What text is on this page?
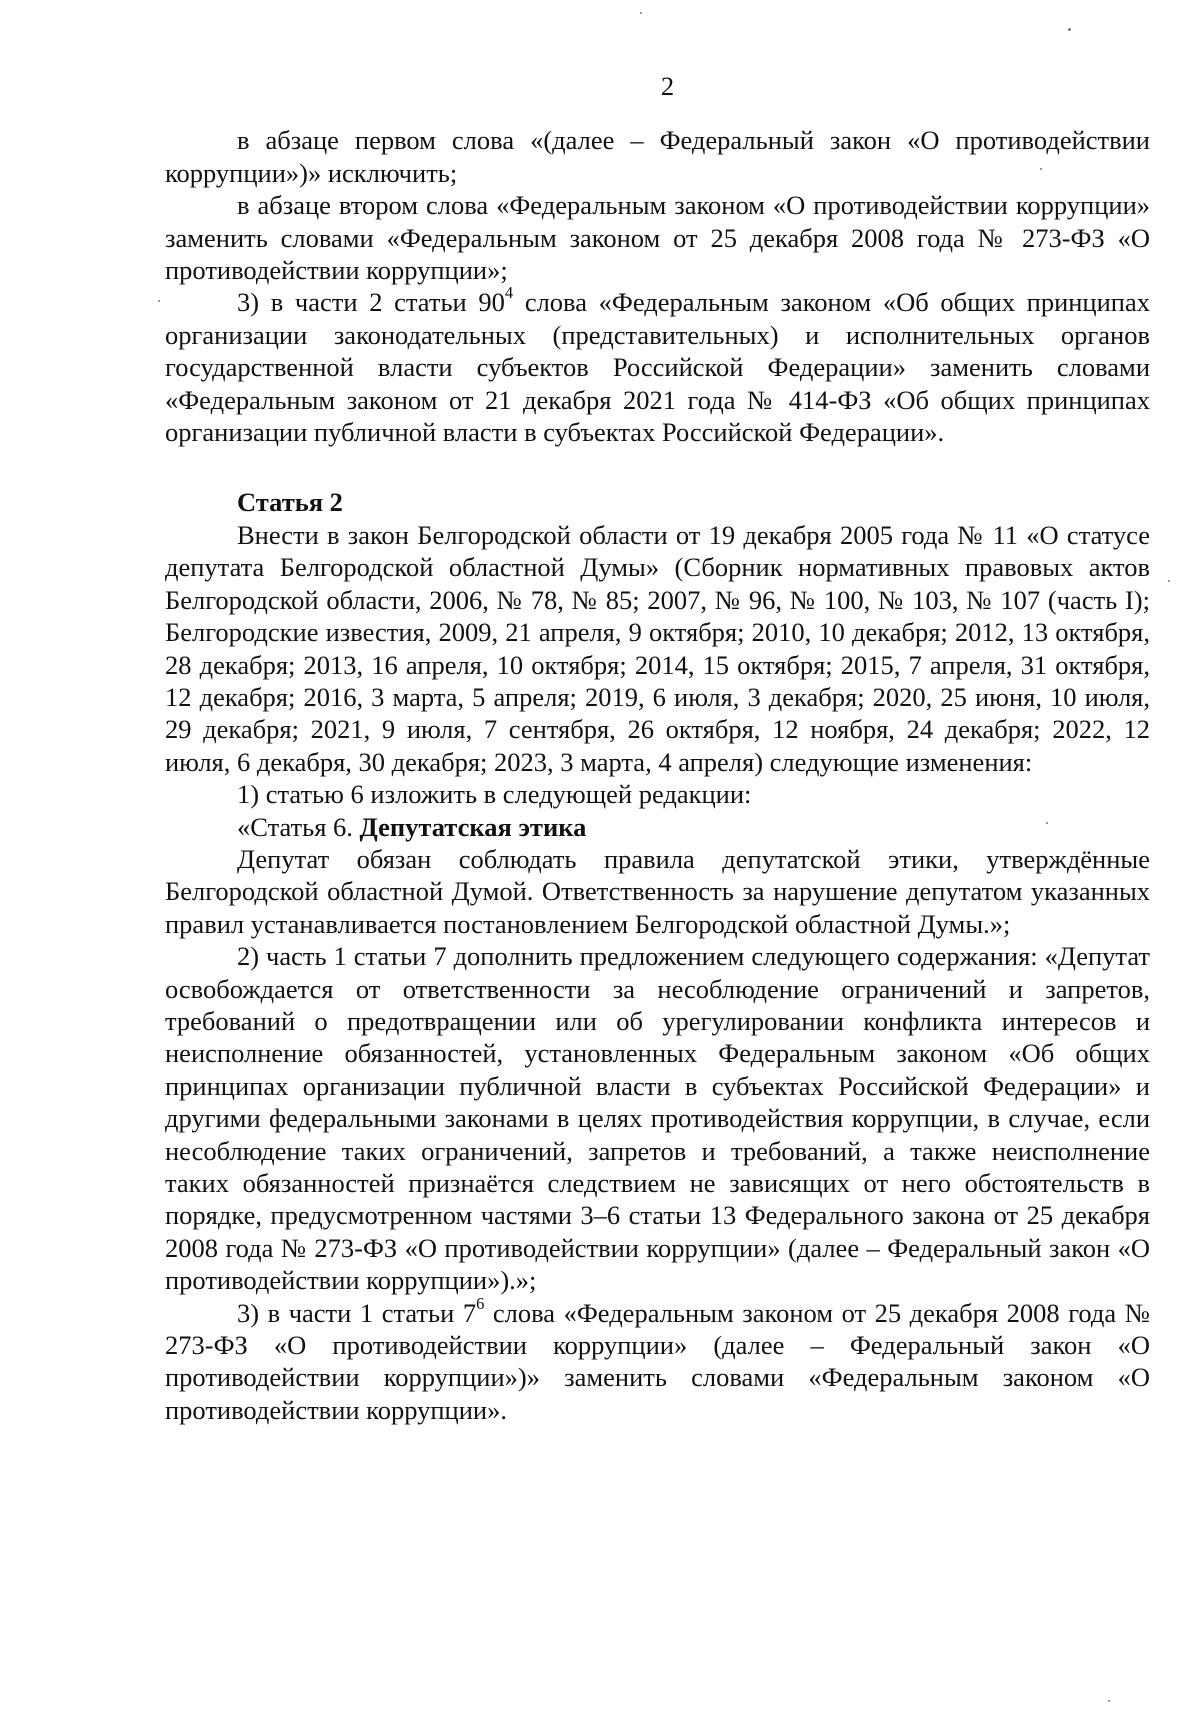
2

в абзаце первом слова «(далее – Федеральный закон «О противодействии коррупции»)» исключить;

в абзаце втором слова «Федеральным законом «О противодействии коррупции» заменить словами «Федеральным законом от 25 декабря 2008 года № 273-ФЗ «О противодействии коррупции»;

3) в части 2 статьи $90^4$ слова «Федеральным законом «Об общих принципах организации законодательных (представительных) и исполнительных органов государственной власти субъектов Российской Федерации» заменить словами «Федеральным законом от 21 декабря 2021 года № 414-ФЗ «Об общих принципах организации публичной власти в субъектах Российской Федерации».

Статья 2

Внести в закон Белгородской области от 19 декабря 2005 года № 11 «О статусе депутата Белгородской областной Думы» (Сборник нормативных правовых актов Белгородской области, 2006, № 78, № 85; 2007, № 96, № 100, № 103, № 107 (часть I); Белгородские известия, 2009, 21 апреля, 9 октября; 2010, 10 декабря; 2012, 13 октября, 28 декабря; 2013, 16 апреля, 10 октября; 2014, 15 октября; 2015, 7 апреля, 31 октября, 12 декабря; 2016, 3 марта, 5 апреля; 2019, 6 июля, 3 декабря; 2020, 25 июня, 10 июля, 29 декабря; 2021, 9 июля, 7 сентября, 26 октября, 12 ноября, 24 декабря; 2022, 12 июля, 6 декабря, 30 декабря; 2023, 3 марта, 4 апреля) следующие изменения:

1) статью 6 изложить в следующей редакции:

«Статья 6. Депутатская этика

Депутат обязан соблюдать правила депутатской этики, утверждённые Белгородской областной Думой. Ответственность за нарушение депутатом указанных правил устанавливается постановлением Белгородской областной Думы.»;

2) часть 1 статьи 7 дополнить предложением следующего содержания: «Депутат освобождается от ответственности за несоблюдение ограничений и запретов, требований о предотвращении или об урегулировании конфликта интересов и неисполнение обязанностей, установленных Федеральным законом «Об общих принципах организации публичной власти в субъектах Российской Федерации» и другими федеральными законами в целях противодействия коррупции, в случае, если несоблюдение таких ограничений, запретов и требований, а также неисполнение таких обязанностей признаётся следствием не зависящих от него обстоятельств в порядке, предусмотренном частями 3–6 статьи 13 Федерального закона от 25 декабря 2008 года № 273-ФЗ «О противодействии коррупции» (далее – Федеральный закон «О противодействии коррупции»).»;

3) в части 1 статьи $7^6$ слова «Федеральным законом от 25 декабря 2008 года № 273-ФЗ «О противодействии коррупции» (далее – Федеральный закон «О противодействии коррупции»)» заменить словами «Федеральным законом «О противодействии коррупции».
